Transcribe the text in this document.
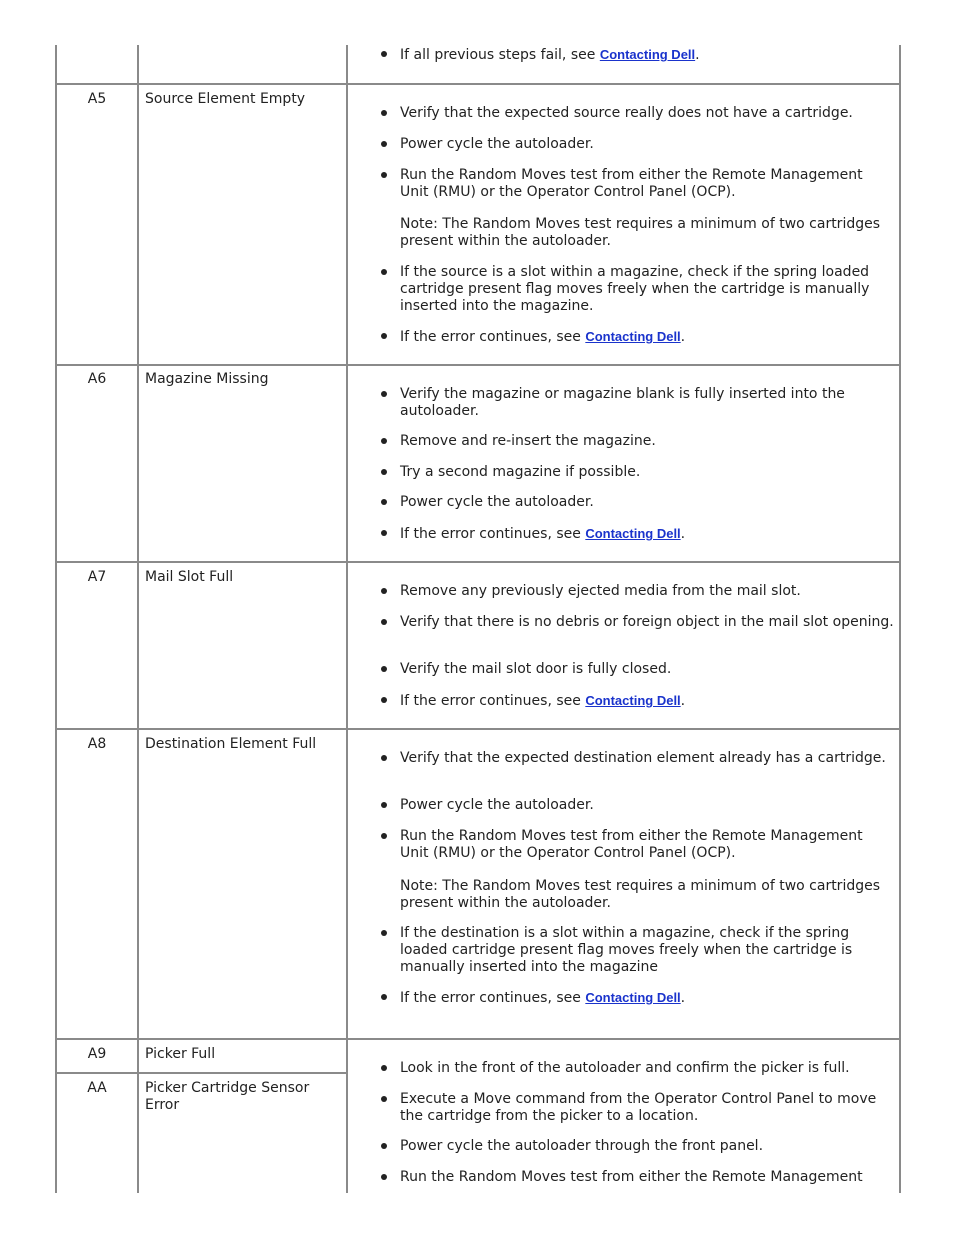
If all previous steps fail, see Contacting Dell.

A5	Source Element Empty

Verify that the expected source really does not have a cartridge.

Power cycle the autoloader.

Run the Random Moves test from either the Remote Management Unit (RMU) or the Operator Control Panel (OCP).

Note: The Random Moves test requires a minimum of two cartridges present within the autoloader.

If the source is a slot within a magazine, check if the spring loaded cartridge present flag moves freely when the cartridge is manually inserted into the magazine.

If the error continues, see Contacting Dell.

A6	Magazine Missing

Verify the magazine or magazine blank is fully inserted into the autoloader.

Remove and re-insert the magazine.

Try a second magazine if possible.

Power cycle the autoloader.

If the error continues, see Contacting Dell.

A7	Mail Slot Full

Remove any previously ejected media from the mail slot.

Verify that there is no debris or foreign object in the mail slot opening.

Verify the mail slot door is fully closed.

If the error continues, see Contacting Dell.

A8	Destination Element Full

Verify that the expected destination element already has a cartridge.

Power cycle the autoloader.

Run the Random Moves test from either the Remote Management Unit (RMU) or the Operator Control Panel (OCP).

Note: The Random Moves test requires a minimum of two cartridges present within the autoloader.

If the destination is a slot within a magazine, check if the spring loaded cartridge present flag moves freely when the cartridge is manually inserted into the magazine

If the error continues, see Contacting Dell.

A9	Picker Full
AA	Picker Cartridge Sensor Error

Look in the front of the autoloader and confirm the picker is full.

Execute a Move command from the Operator Control Panel to move the cartridge from the picker to a location.

Power cycle the autoloader through the front panel.

Run the Random Moves test from either the Remote Management
